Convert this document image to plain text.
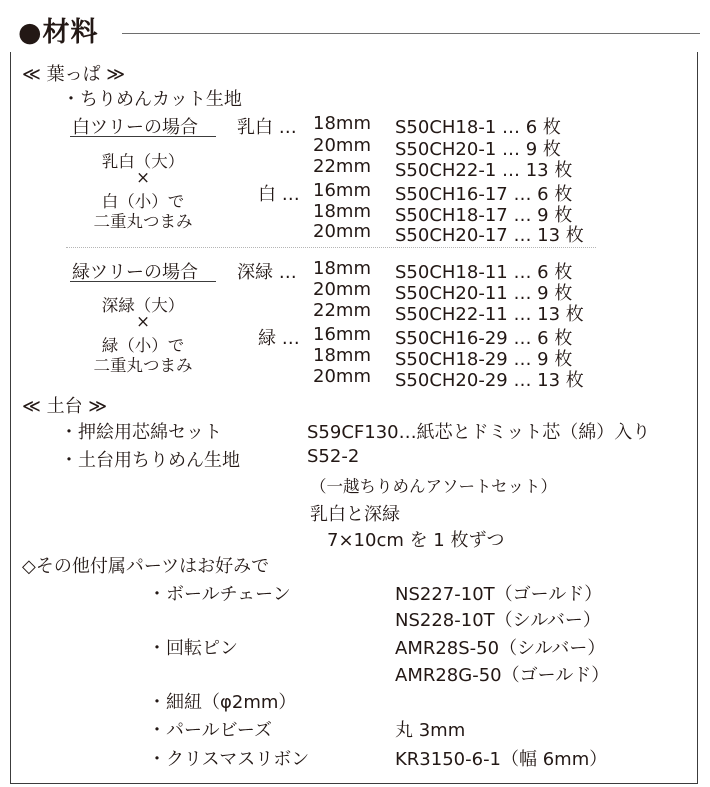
●材料
≪ 葉っぱ ≫
・ちりめんカット生地
白ツリーの場合
乳白（大）
×
白（小）で
二重丸つまみ
乳白 … 18mm S50CH18-1 … 6 枚
20mm S50CH20-1 … 9 枚
22mm S50CH22-1 … 13 枚
白 … 16mm S50CH16-17 … 6 枚
18mm S50CH18-17 … 9 枚
20mm S50CH20-17 … 13 枚
緑ツリーの場合
深緑（大）
×
緑（小）で
二重丸つまみ
深緑 … 18mm S50CH18-11 … 6 枚
20mm S50CH20-11 … 9 枚
22mm S50CH22-11 … 13 枚
緑 … 16mm S50CH16-29 … 6 枚
18mm S50CH18-29 … 9 枚
20mm S50CH20-29 … 13 枚
≪ 土台 ≫
・押絵用芯綿セット	S59CF130…紙芯とドミット芯（綿）入り
・土台用ちりめん生地	S52-2
（一越ちりめんアソートセット）
乳白と深緑
7×10cm を 1 枚ずつ
◇その他付属パーツはお好みで
・ボールチェーン	NS227-10T（ゴールド）
NS228-10T（シルバー）
・回転ピン	AMR28S-50（シルバー）
AMR28G-50（ゴールド）
・細紐（φ2mm）
・パールビーズ	丸 3mm
・クリスマスリボン	KR3150-6-1（幅 6mm）
